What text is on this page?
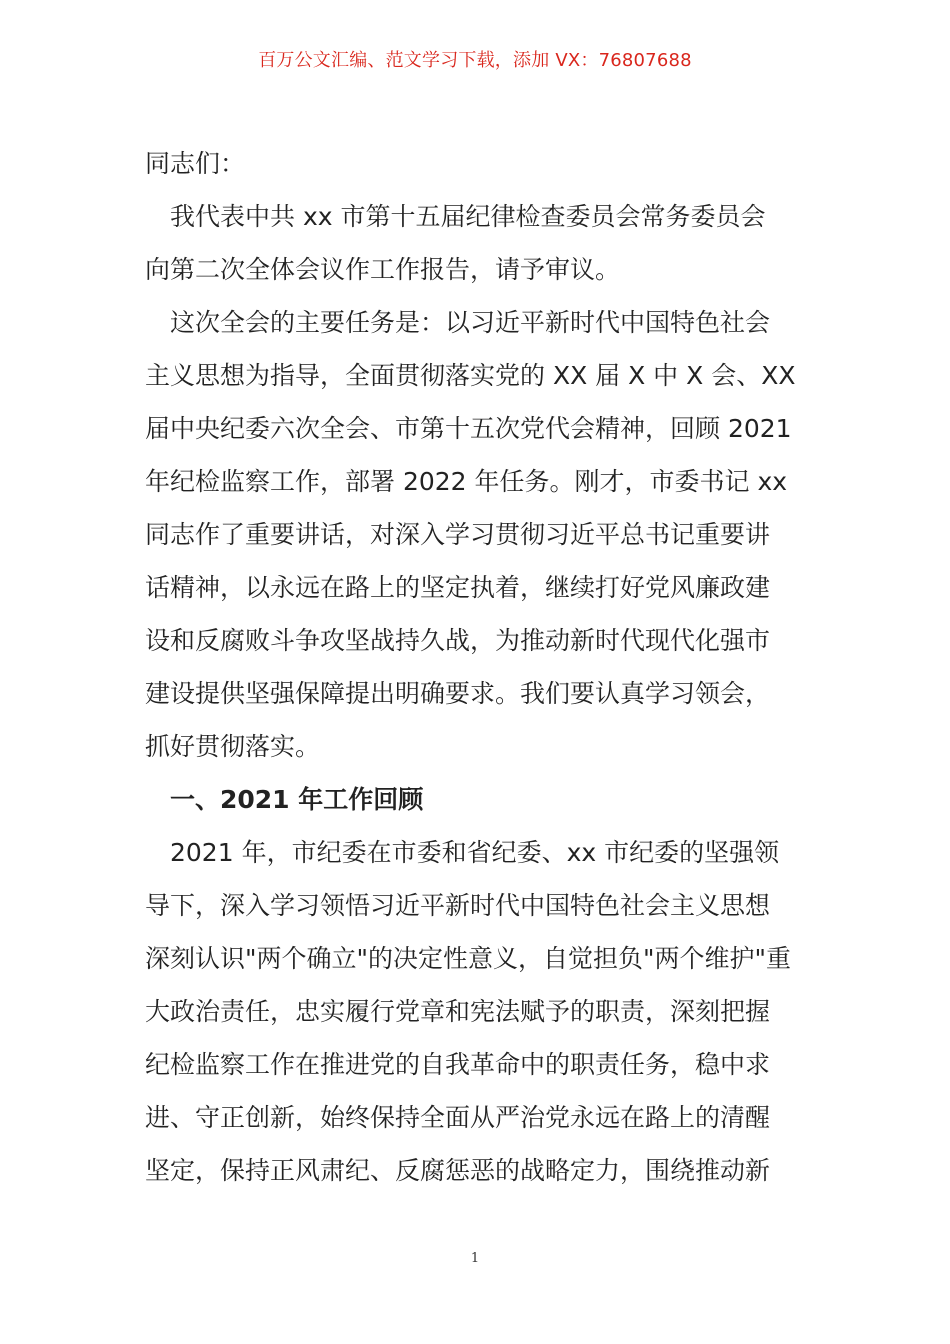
百万公文汇编、范文学习下载，添加 VX：76807688
同志们：
　我代表中共 xx 市第十五届纪律检查委员会常务委员会
向第二次全体会议作工作报告，请予审议。
　这次全会的主要任务是：以习近平新时代中国特色社会
主义思想为指导，全面贯彻落实党的 XX 届 X 中 X 会、XX
届中央纪委六次全会、市第十五次党代会精神，回顾 2021
年纪检监察工作，部署 2022 年任务。刚才，市委书记 xx
同志作了重要讲话，对深入学习贯彻习近平总书记重要讲
话精神，以永远在路上的坚定执着，继续打好党风廉政建
设和反腐败斗争攻坚战持久战，为推动新时代现代化强市
建设提供坚强保障提出明确要求。我们要认真学习领会，
抓好贯彻落实。
　一、2021 年工作回顾
　2021 年，市纪委在市委和省纪委、xx 市纪委的坚强领
导下，深入学习领悟习近平新时代中国特色社会主义思想
深刻认识"两个确立"的决定性意义，自觉担负"两个维护"重
大政治责任，忠实履行党章和宪法赋予的职责，深刻把握
纪检监察工作在推进党的自我革命中的职责任务，稳中求
进、守正创新，始终保持全面从严治党永远在路上的清醒
坚定，保持正风肃纪、反腐惩恶的战略定力，围绕推动新
1
